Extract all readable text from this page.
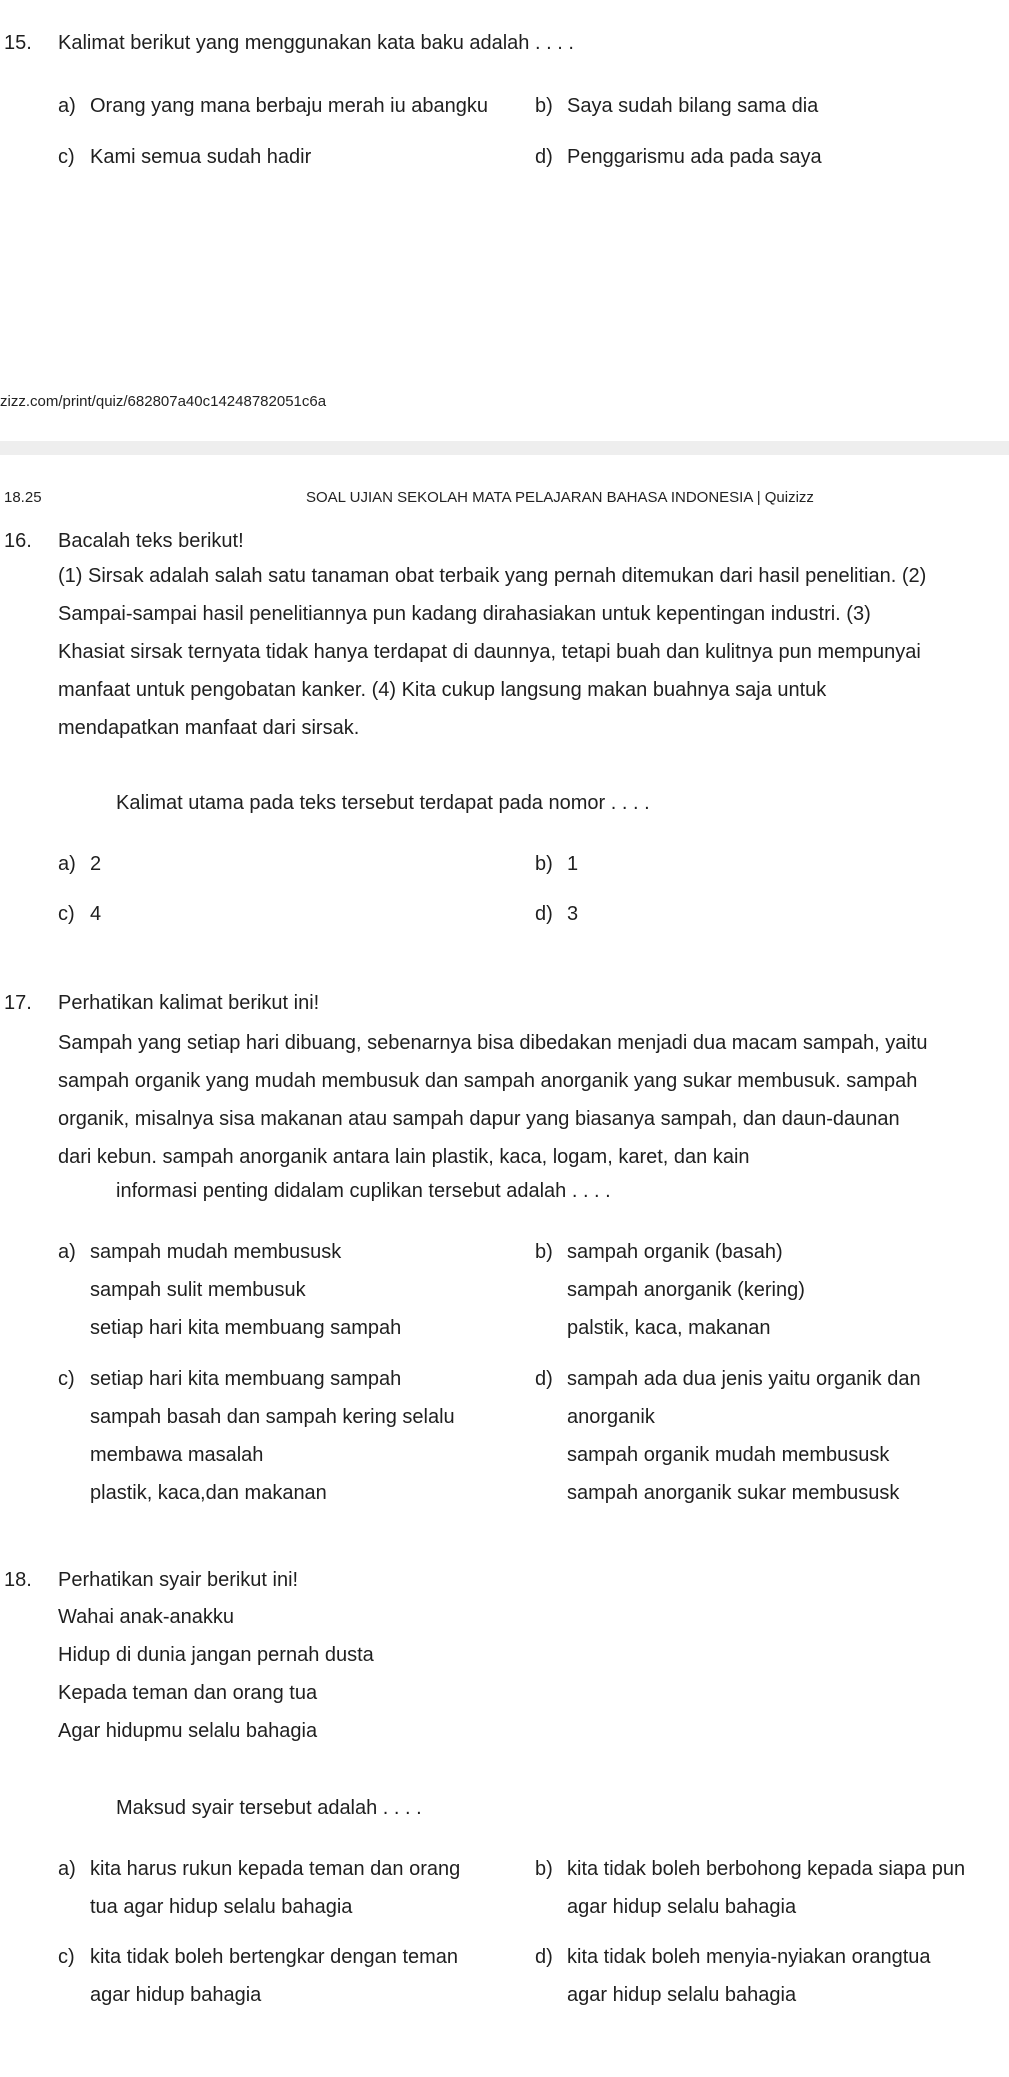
15. Kalimat berikut yang menggunakan kata baku adalah . . . .
a) Orang yang mana berbaju merah iu abangku b) Saya sudah bilang sama dia
c) Kami semua sudah hadir	d) Penggarismu ada pada saya
zizz.com/print/quiz/682807a40c14248782051c6a
18.25	SOAL UJIAN SEKOLAH MATA PELAJARAN BAHASA INDONESIA | Quizizz
16. Bacalah teks berikut!
(1) Sirsak adalah salah satu tanaman obat terbaik yang pernah ditemukan dari hasil penelitian. (2)
Sampai-sampai hasil penelitiannya pun kadang dirahasiakan untuk kepentingan industri. (3)
Khasiat sirsak ternyata tidak hanya terdapat di daunnya, tetapi buah dan kulitnya pun mempunyai
manfaat untuk pengobatan kanker. (4) Kita cukup langsung makan buahnya saja untuk
mendapatkan manfaat dari sirsak.
Kalimat utama pada teks tersebut terdapat pada nomor . . . .
a) 2	b) 1
c) 4	d) 3
17. Perhatikan kalimat berikut ini!
Sampah yang setiap hari dibuang, sebenarnya bisa dibedakan menjadi dua macam sampah, yaitu
sampah organik yang mudah membusuk dan sampah anorganik yang sukar membusuk. sampah
organik, misalnya sisa makanan atau sampah dapur yang biasanya sampah, dan daun-daunan
dari kebun. sampah anorganik antara lain plastik, kaca, logam, karet, dan kain
informasi penting didalam cuplikan tersebut adalah . . . .
a) sampah mudah membususk
sampah sulit membusuk
setiap hari kita membuang sampah
b) sampah organik (basah)
sampah anorganik (kering)
palstik, kaca, makanan
c) setiap hari kita membuang sampah
sampah basah dan sampah kering selalu
membawa masalah
plastik, kaca,dan makanan
d) sampah ada dua jenis yaitu organik dan
anorganik
sampah organik mudah membususk
sampah anorganik sukar membususk
18. Perhatikan syair berikut ini!
Wahai anak-anakku
Hidup di dunia jangan pernah dusta
Kepada teman dan orang tua
Agar hidupmu selalu bahagia
Maksud syair tersebut adalah . . . .
a) kita harus rukun kepada teman dan orang
tua agar hidup selalu bahagia
b) kita tidak boleh berbohong kepada siapa pun
agar hidup selalu bahagia
c) kita tidak boleh bertengkar dengan teman
agar hidup bahagia
d) kita tidak boleh menyia-nyiakan orangtua
agar hidup selalu bahagia
